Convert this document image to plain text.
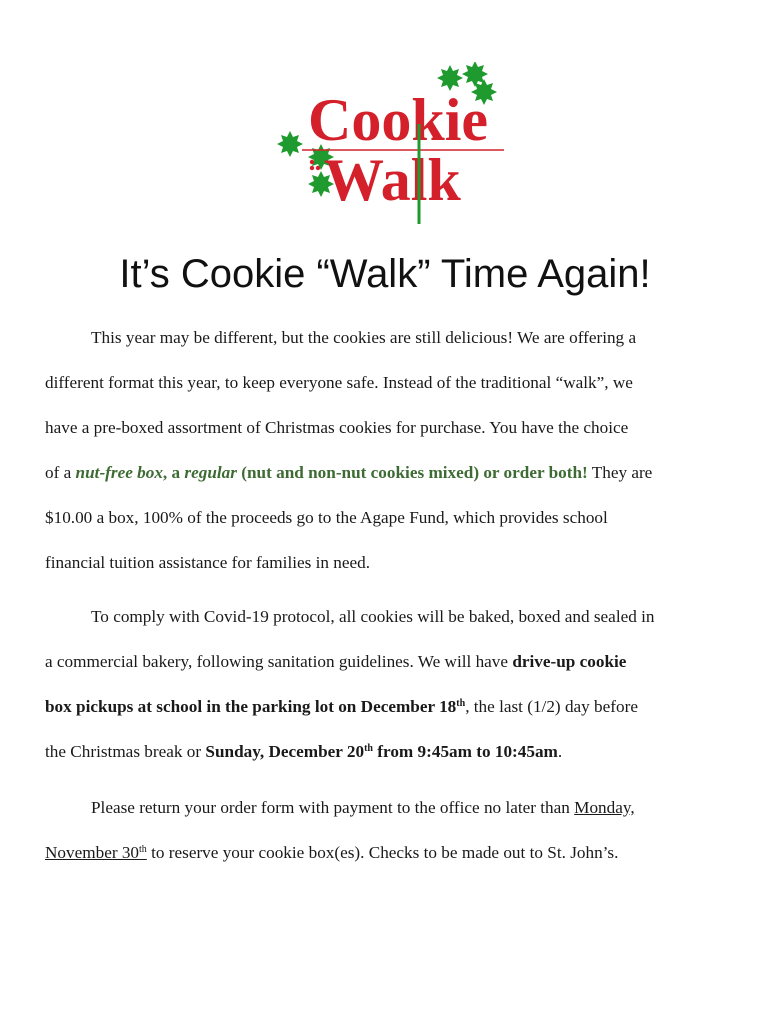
Cookie
Walk
It’s Cookie “Walk” Time Again!
This year may be different, but the cookies are still delicious! We are offering a
different format this year, to keep everyone safe. Instead of the traditional “walk”, we
have a pre-boxed assortment of Christmas cookies for purchase. You have the choice
of a nut-free box, a regular (nut and non-nut cookies mixed) or order both! They are
$10.00 a box, 100% of the proceeds go to the Agape Fund, which provides school
financial tuition assistance for families in need.
To comply with Covid-19 protocol, all cookies will be baked, boxed and sealed in
a commercial bakery, following sanitation guidelines. We will have drive-up cookie
box pickups at school in the parking lot on December 18th, the last (1/2) day before
the Christmas break or Sunday, December 20th from 9:45am to 10:45am.
Please return your order form with payment to the office no later than Monday,
November 30th to reserve your cookie box(es). Checks to be made out to St. John’s.
